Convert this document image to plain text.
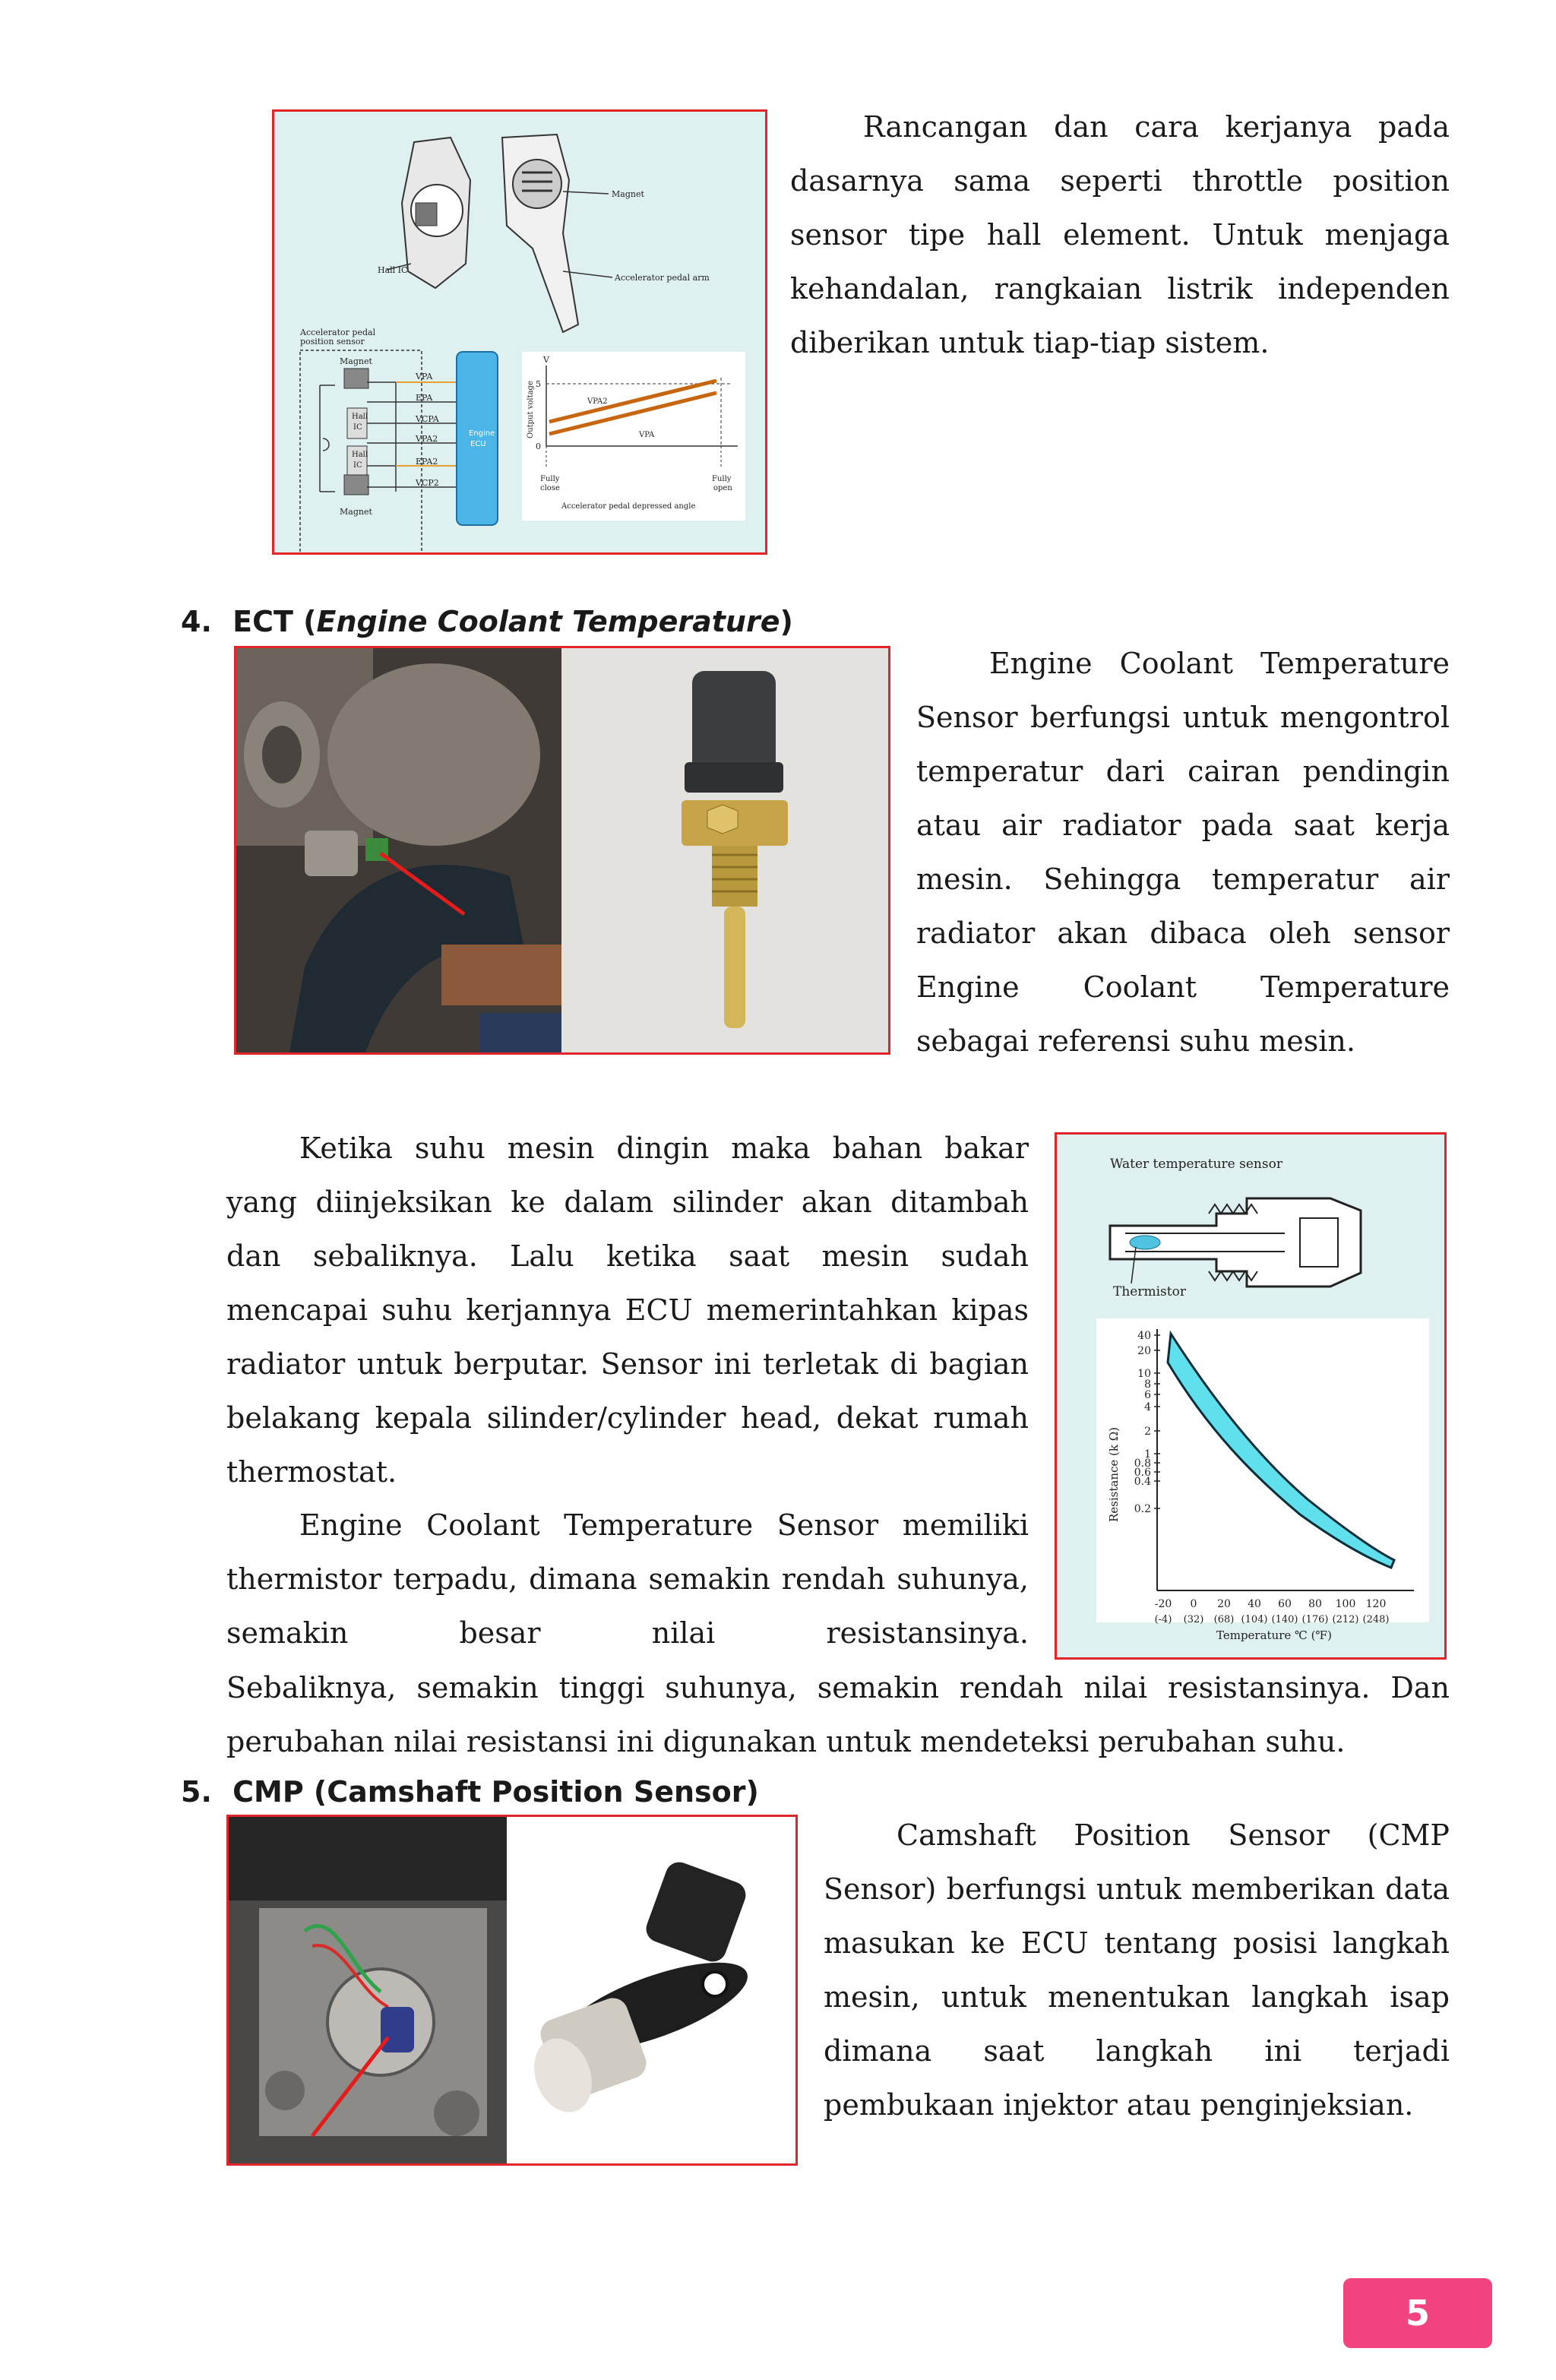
Magnet
Hall IC
Accelerator pedal arm
Accelerator pedal
position sensor
Magnet
Hall
IC
Hall
IC
Magnet
VPA
EPA
VCPA
VPA2
EPA2
VCP2
Engine
ECU
V
5
0
Output voltage	VPA2
VPA
Fully
close
Fully
open
Accelerator pedal depressed angle

Rancangan dan cara kerjanya pada dasarnya sama seperti throttle position sensor tipe hall element. Untuk menjaga kehandalan, rangkaian listrik independen diberikan untuk tiap-tiap sistem.

4. ECT (Engine Coolant Temperature)

Engine Coolant Temperature Sensor berfungsi untuk mengontrol temperatur dari cairan pendingin atau air radiator pada saat kerja mesin. Sehingga temperatur air radiator akan dibaca oleh sensor Engine Coolant Temperature sebagai referensi suhu mesin.

Water temperature sensor
Thermistor
Resistance (k Ω)
40
20
10
8
6
4
2
1
0.8
0.6
0.4
0.2
-20
(-4)
0
(32)
20
(68)
40
(104)
60
(140)
80
(176)
100
(212)
120
(248)
Temperature ℃ (℉)

Ketika suhu mesin dingin maka bahan bakar yang diinjeksikan ke dalam silinder akan ditambah dan sebaliknya. Lalu ketika saat mesin sudah mencapai suhu kerjannya ECU memerintahkan kipas radiator untuk berputar. Sensor ini terletak di bagian belakang kepala silinder/cylinder head, dekat rumah thermostat.

Engine Coolant Temperature Sensor memiliki thermistor terpadu, dimana semakin rendah suhunya, semakin besar nilai resistansinya.

Sebaliknya, semakin tinggi suhunya, semakin rendah nilai resistansinya. Dan perubahan nilai resistansi ini digunakan untuk mendeteksi perubahan suhu.

5. CMP (Camshaft Position Sensor)

Camshaft Position Sensor (CMP Sensor) berfungsi untuk memberikan data masukan ke ECU tentang posisi langkah mesin, untuk menentukan langkah isap dimana saat langkah ini terjadi pembukaan injektor atau penginjeksian.

5
